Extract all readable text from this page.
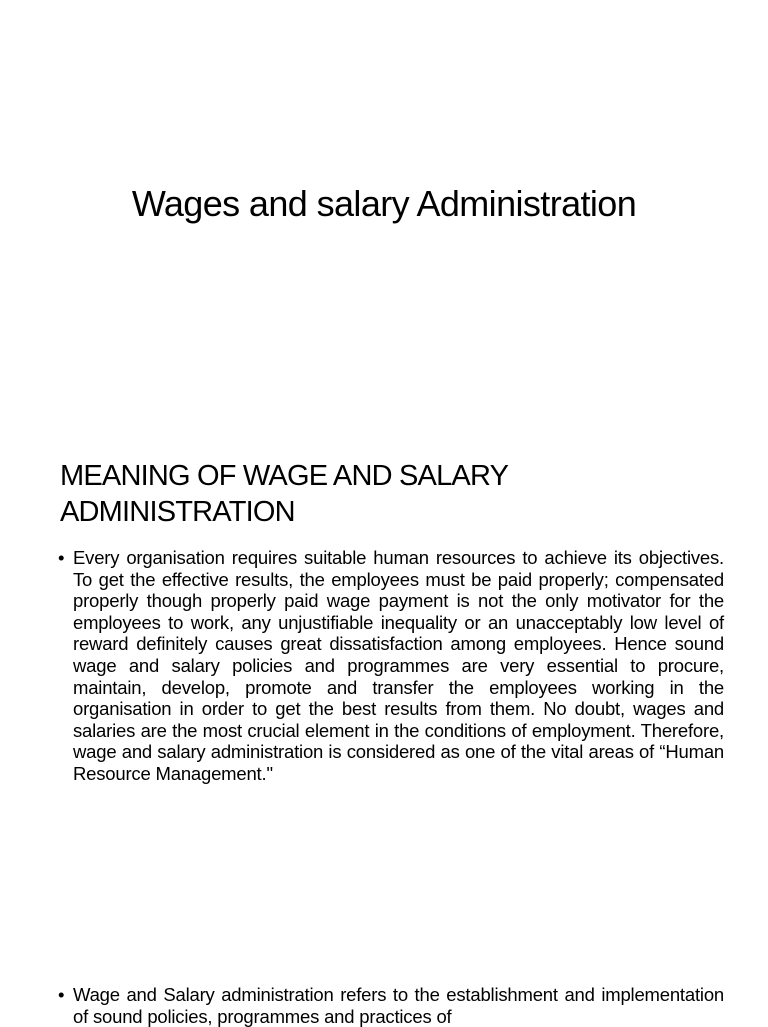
Wages and salary Administration
MEANING OF WAGE AND SALARY ADMINISTRATION
• Every organisation requires suitable human resources to achieve its objectives. To get the effective results, the employees must be paid properly; compensated properly though properly paid wage payment is not the only motivator for the employees to work, any unjustifiable inequality or an unacceptably low level of reward definitely causes great dissatisfaction among employees. Hence sound wage and salary policies and programmes are very essential to procure, maintain, develop, promote and transfer the employees working in the organisation in order to get the best results from them. No doubt, wages and salaries are the most crucial element in the conditions of employment. Therefore, wage and salary administration is considered as one of the vital areas of “Human Resource Management."
• Wage and Salary administration refers to the establishment and implementation of sound policies, programmes and practices of
